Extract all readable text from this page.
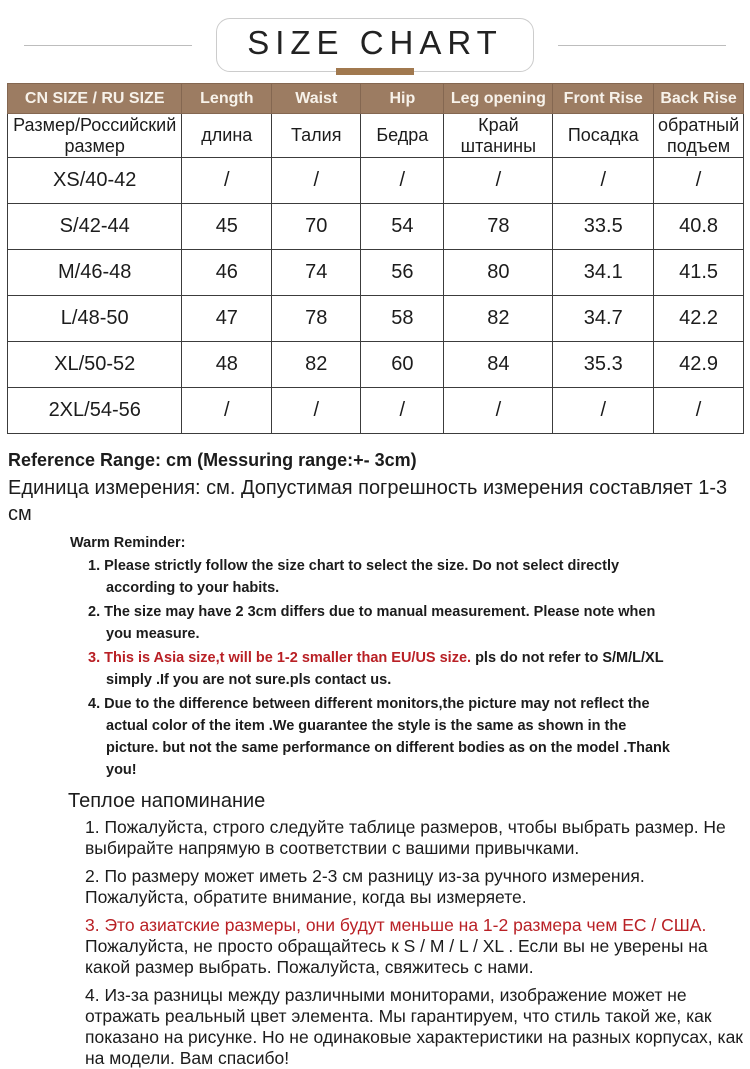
SIZE CHART
CN SIZE / RU SIZE	Length	Waist	Hip	Leg opening	Front Rise	Back Rise
Размер/Российский размер	длина	Талия	Бедра	Край штанины	Посадка	обратный подъем
XS/40-42	/	/	/	/	/	/
S/42-44	45	70	54	78	33.5	40.8
M/46-48	46	74	56	80	34.1	41.5
L/48-50	47	78	58	82	34.7	42.2
XL/50-52	48	82	60	84	35.3	42.9
2XL/54-56	/	/	/	/	/	/
Reference Range: cm (Messuring range:+- 3cm)
Единица измерения: см. Допустимая погрешность измерения составляет 1-3 см
Warm Reminder:

1. Please strictly follow the size chart to select the size. Do not select directly according to your habits.

2. The size may have 2 3cm differs due to manual measurement. Please note when you measure.

3. This is Asia size,t will be 1-2 smaller than EU/US size. pls do not refer to S/M/L/XL simply .If you are not sure.pls contact us.

4. Due to the difference between different monitors,the picture may not reflect the actual color of the item .We guarantee the style is the same as shown in the picture. but not the same performance on different bodies as on the model .Thank you!

Теплое напоминание

1. Пожалуйста, строго следуйте таблице размеров, чтобы выбрать размер. Не выбирайте напрямую в соответствии с вашими привычками.

2. По размеру может иметь 2-3 см разницу из-за ручного измерения. Пожалуйста, обратите внимание, когда вы измеряете.

3. Это азиатские размеры, они будут меньше на 1-2 размера чем ЕС / США.
Пожалуйста, не просто обращайтесь к S / M / L / XL . Если вы не уверены на какой размер выбрать. Пожалуйста, свяжитесь с нами.

4. Из-за разницы между различными мониторами, изображение может не отражать реальный цвет элемента. Мы гарантируем, что стиль такой же, как показано на рисунке. Но не одинаковые характеристики на разных корпусах, как на модели. Вам спасибо!
